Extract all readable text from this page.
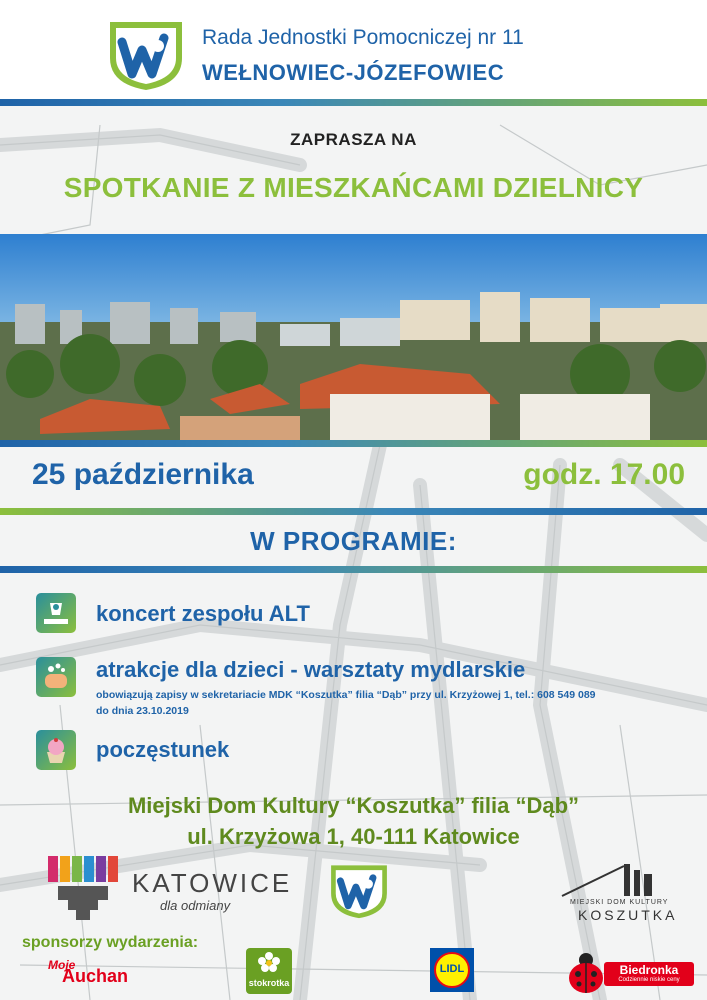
Rada Jednostki Pomocniczej nr 11
WEŁNOWIEC-JÓZEFOWIEC
ZAPRASZA NA
SPOTKANIE Z MIESZKAŃCAMI DZIELNICY
25 października	godz. 17.00
W PROGRAMIE:
koncert zespołu ALT
atrakcje dla dzieci - warsztaty mydlarskie
obowiązują zapisy w sekretariacie MDK “Koszutka” filia “Dąb” przy ul. Krzyżowej 1, tel.: 608 549 089
do dnia 23.10.2019
poczęstunek
Miejski Dom Kultury “Koszutka” filia “Dąb”
ul. Krzyżowa 1, 40-111 Katowice
KATOWICE
dla odmiany	MIEJSKI DOM KULTURY
KOSZUTKA
sponsorzy wydarzenia:
Moje
Auchan	stokrotka
LIDL	Biedronka
Codziennie niskie ceny
